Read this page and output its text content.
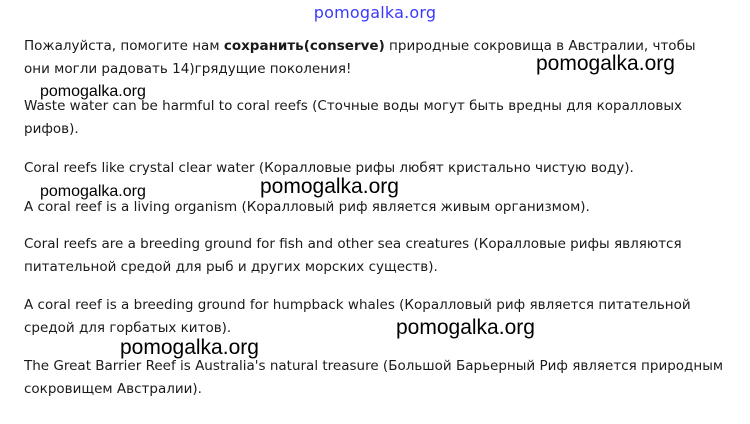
pomogalka.org

Пожалуйста, помогите нам сохранить(conserve) природные сокровища в Австралии, чтобы они могли радовать 14)грядущие поколения!

Waste water can be harmful to coral reefs (Сточные воды могут быть вредны для коралловых рифов).

Coral reefs like crystal clear water (Коралловые рифы любят кристально чистую воду).

A coral reef is a living organism (Коралловый риф является живым организмом).

Coral reefs are a breeding ground for fish and other sea creatures (Коралловые рифы являются питательной средой для рыб и других морских существ).

A coral reef is a breeding ground for humpback whales (Коралловый риф является питательной средой для горбатых китов).

The Great Barrier Reef is Australia's natural treasure (Большой Барьерный Риф является природным сокровищем Австралии).

pomogalka.org
pomogalka.org
pomogalka.org	pomogalka.org
pomogalka.org
pomogalka.org
